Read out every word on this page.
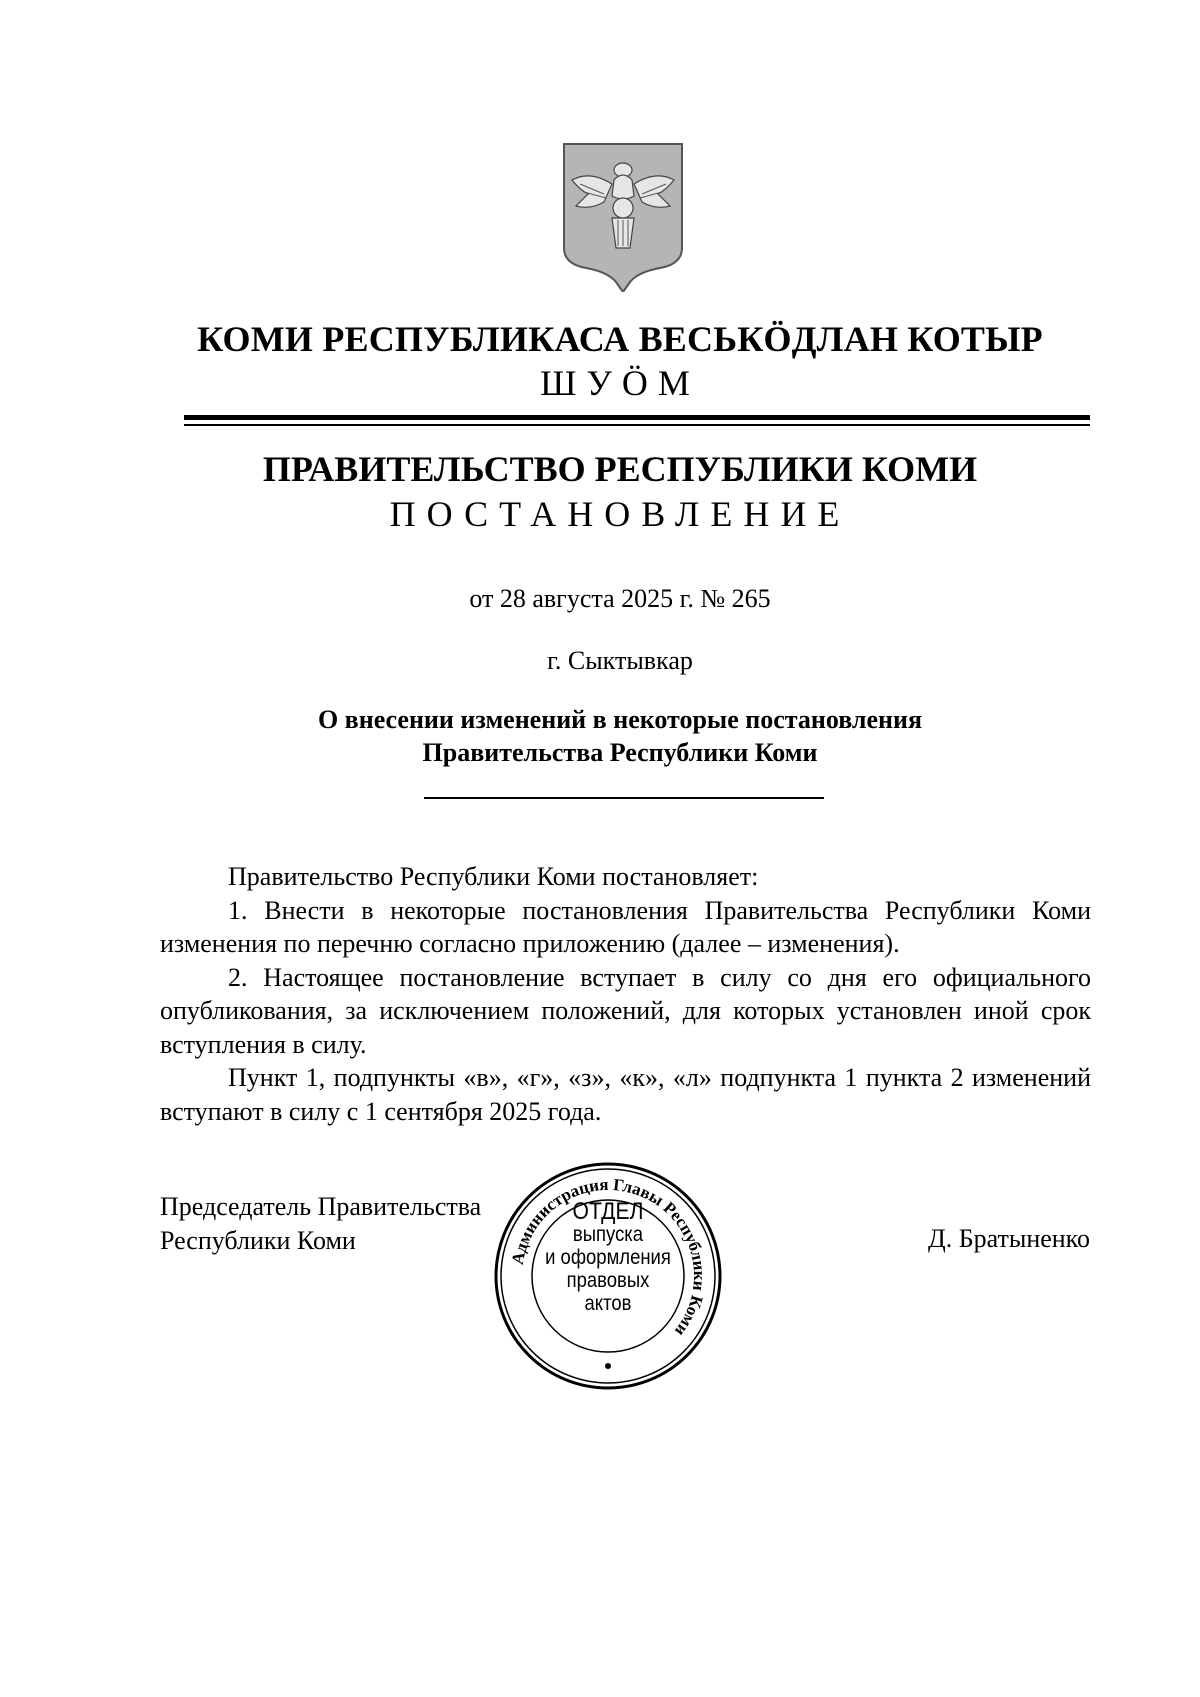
КОМИ РЕСПУБЛИКАСА ВЕСЬКӦДЛАН КОТЫР
ШУӦМ
ПРАВИТЕЛЬСТВО РЕСПУБЛИКИ КОМИ
ПОСТАНОВЛЕНИЕ
от 28 августа 2025 г. № 265
г. Сыктывкар
О внесении изменений в некоторые постановления
Правительства Республики Коми

Правительство Республики Коми постановляет:

1. Внести в некоторые постановления Правительства Республики Коми изменения по перечню согласно приложению (далее – изменения).

2. Настоящее постановление вступает в силу со дня его официального опубликования, за исключением положений, для которых установлен иной срок вступления в силу.

Пункт 1, подпункты «в», «г», «з», «к», «л» подпункта 1 пункта 2 изменений вступают в силу с 1 сентября 2025 года.

Председатель Правительства
Республики Коми	Д. Братыненко
Администрация Главы Республики Коми
ОТДЕЛ
выпуска
и оформления
правовых
актов
